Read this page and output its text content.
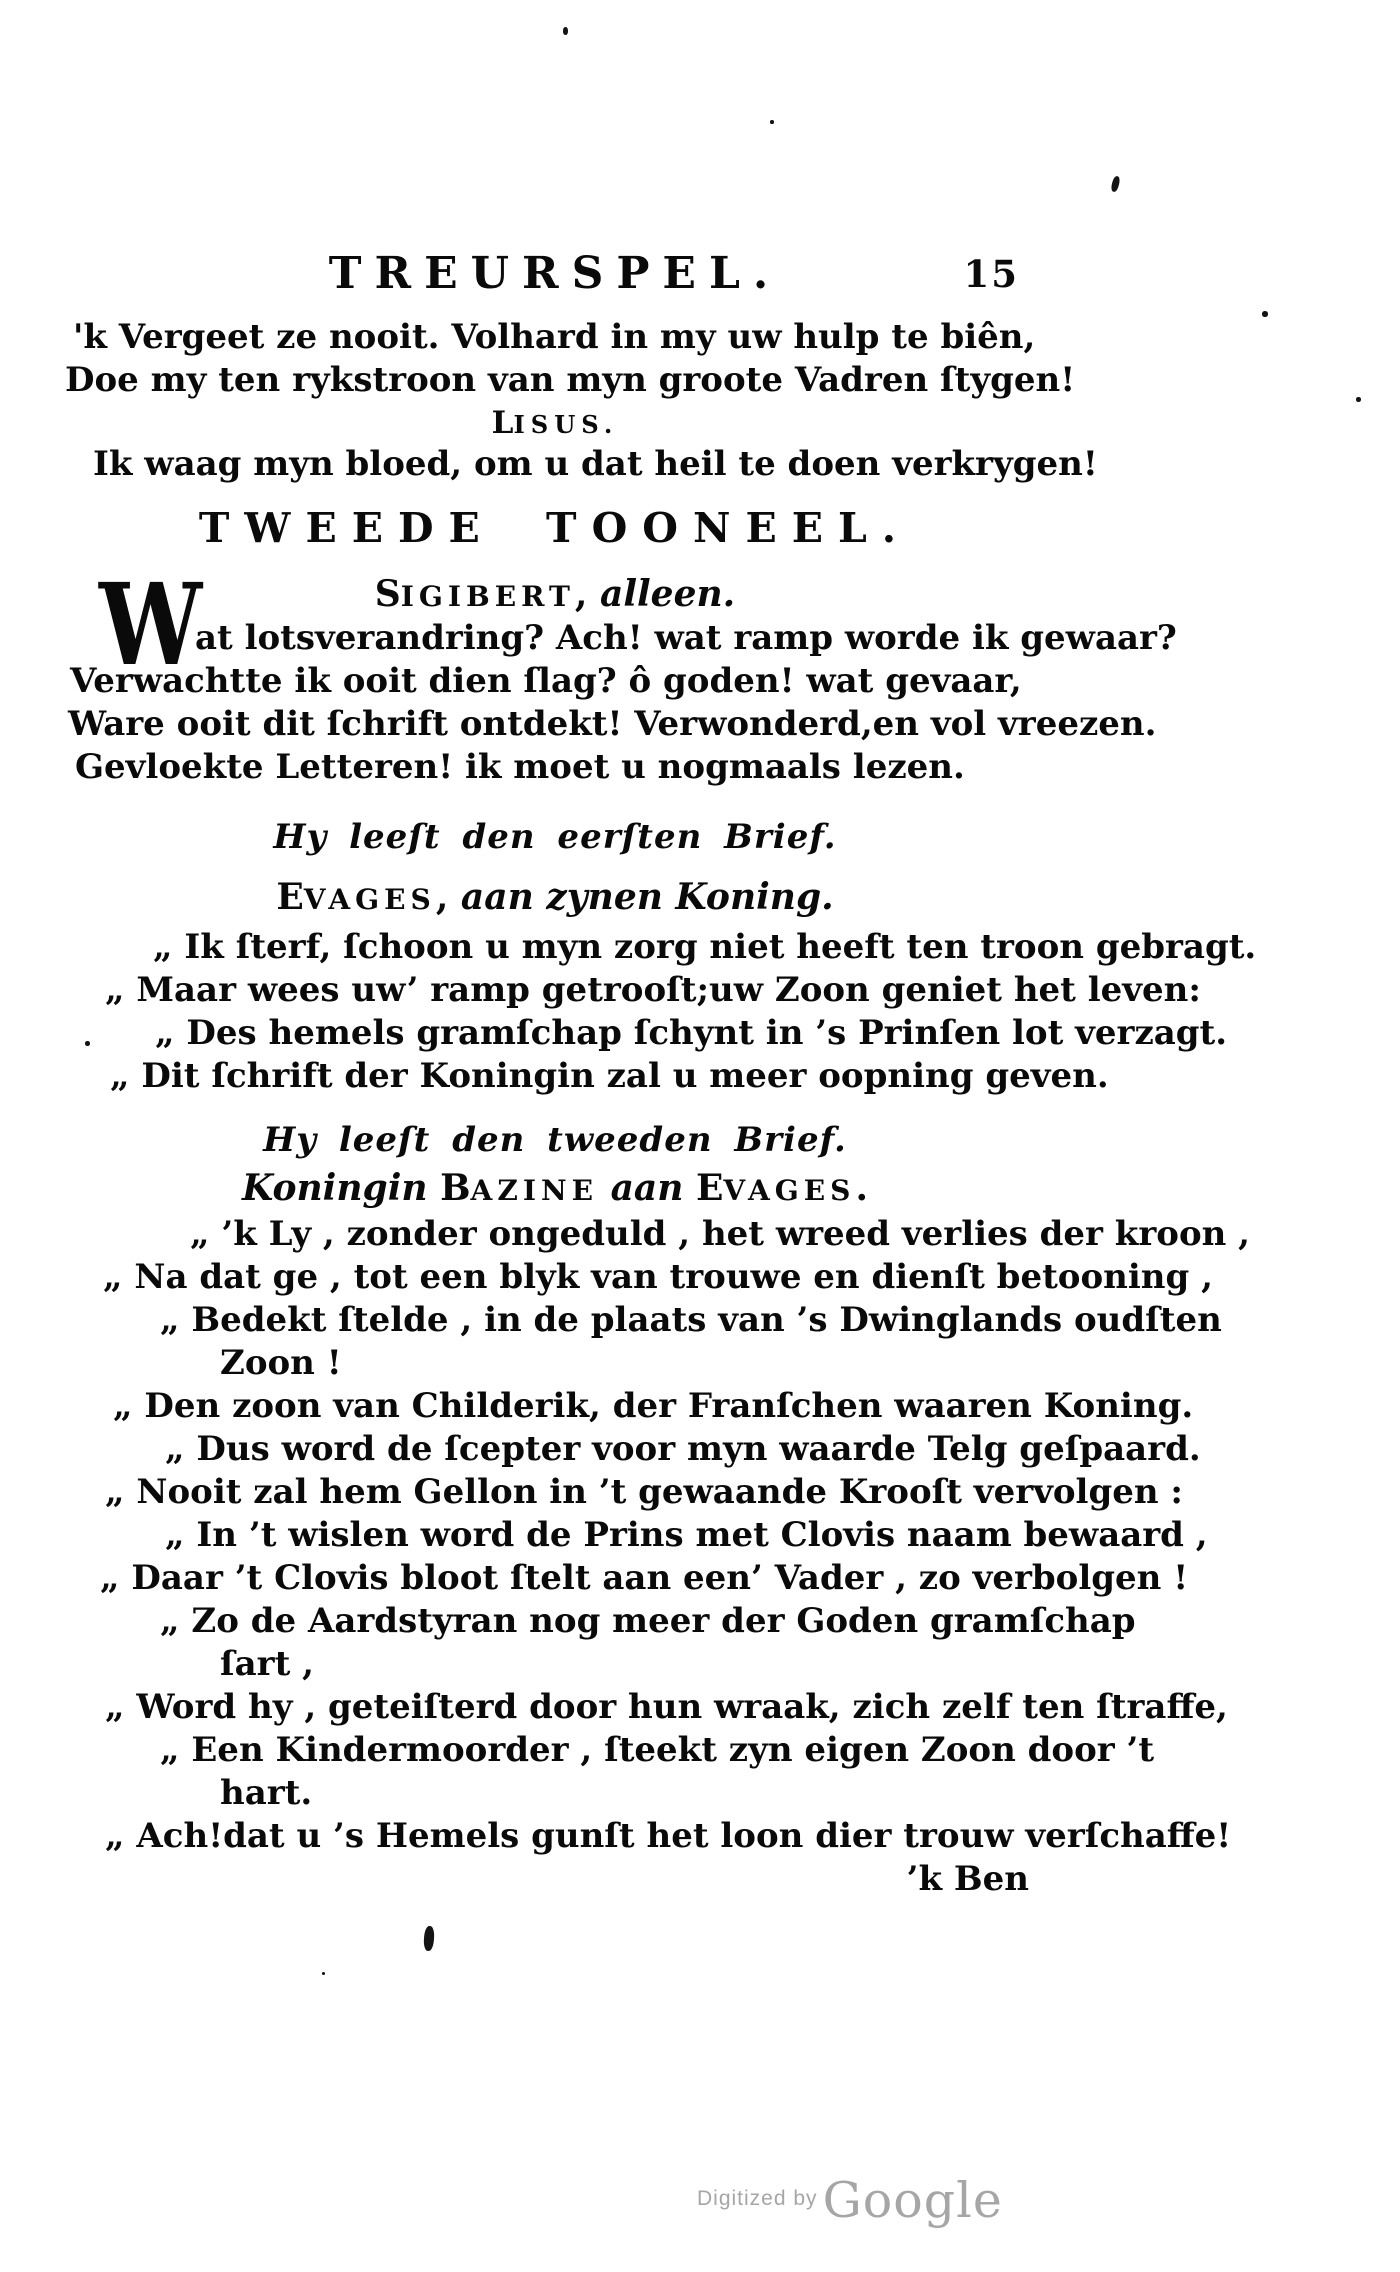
TREURSPEL.	15
'k Vergeet ze nooit. Volhard in my uw hulp te biên,
Doe my ten rykstroon van myn groote Vadren ſtygen!
LISUS.
Ik waag myn bloed, om u dat heil te doen verkrygen!
TWEEDE TOONEEL.
W	SIGIBERT, alleen.
at lotsverandring? Ach! wat ramp worde ik gewaar?
Verwachtte ik ooit dien ſlag? ô goden! wat gevaar,
Ware ooit dit ſchrift ontdekt! Verwonderd,en vol vreezen.
Gevloekte Letteren! ik moet u nogmaals lezen.
Hy leeſt den eerſten Brief.
EVAGES, aan zynen Koning.
„ Ik ſterf, ſchoon u myn zorg niet heeft ten troon gebragt.
„ Maar wees uw’ ramp getrooſt;uw Zoon geniet het leven:
„ Des hemels gramſchap ſchynt in ’s Prinſen lot verzagt.
„ Dit ſchrift der Koningin zal u meer oopning geven.
Hy leeſt den tweeden Brief.
Koningin BAZINE aan EVAGES.
„ ’k Ly , zonder ongeduld , het wreed verlies der kroon ,
„ Na dat ge , tot een blyk van trouwe en dienſt betooning ,
„ Bedekt ſtelde , in de plaats van ’s Dwinglands oudſten
Zoon !
„ Den zoon van Childerik, der Franſchen waaren Koning.
„ Dus word de ſcepter voor myn waarde Telg geſpaard.
„ Nooit zal hem Gellon in ’t gewaande Krooſt vervolgen :
„ In ’t wislen word de Prins met Clovis naam bewaard ,
„ Daar ’t Clovis bloot ſtelt aan een’ Vader , zo verbolgen !
„ Zo de Aardstyran nog meer der Goden gramſchap
ſart ,
„ Word hy , geteiſterd door hun wraak, zich zelf ten ſtraffe,
„ Een Kindermoorder , ſteekt zyn eigen Zoon door ’t
hart.
„ Ach!dat u ’s Hemels gunſt het loon dier trouw verſchaffe!
’k Ben
Digitized by Google
